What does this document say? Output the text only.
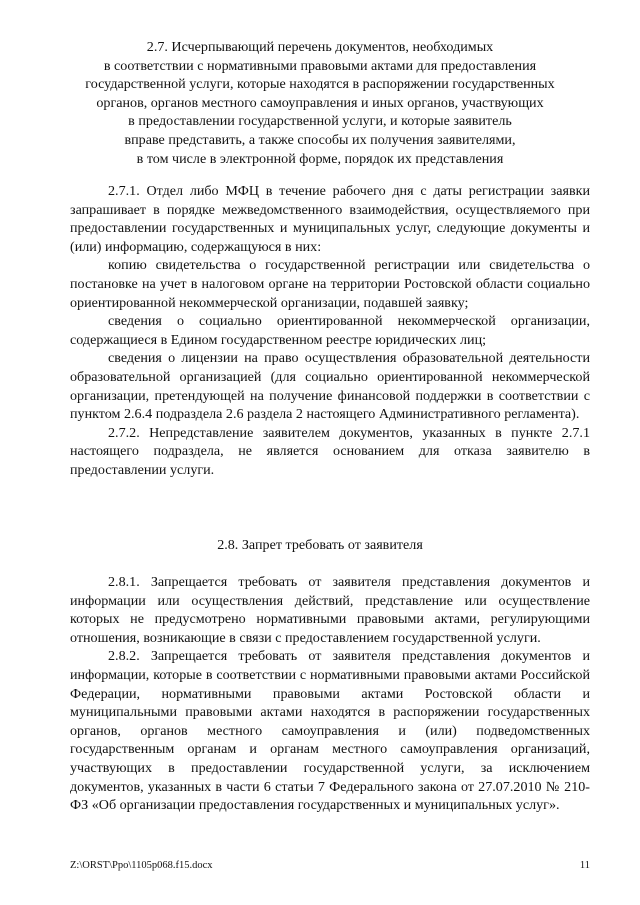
2.7. Исчерпывающий перечень документов, необходимых
в соответствии с нормативными правовыми актами для предоставления
государственной услуги, которые находятся в распоряжении государственных
органов, органов местного самоуправления и иных органов, участвующих
в предоставлении государственной услуги, и которые заявитель
вправе представить, а также способы их получения заявителями,
в том числе в электронной форме, порядок их представления

2.7.1. Отдел либо МФЦ в течение рабочего дня с даты регистрации заявки запрашивает в порядке межведомственного взаимодействия, осуществляемого при предоставлении государственных и муниципальных услуг, следующие документы и (или) информацию, содержащуюся в них:

копию свидетельства о государственной регистрации или свидетельства о постановке на учет в налоговом органе на территории Ростовской области социально ориентированной некоммерческой организации, подавшей заявку;

сведения о социально ориентированной некоммерческой организации, содержащиеся в Едином государственном реестре юридических лиц;

сведения о лицензии на право осуществления образовательной деятельности образовательной организацией (для социально ориентированной некоммерческой организации, претендующей на получение финансовой поддержки в соответствии с пунктом 2.6.4 подраздела 2.6 раздела 2 настоящего Административного регламента).

2.7.2. Непредставление заявителем документов, указанных в пункте 2.7.1 настоящего подраздела, не является основанием для отказа заявителю в предоставлении услуги.

2.8. Запрет требовать от заявителя

2.8.1. Запрещается требовать от заявителя представления документов и информации или осуществления действий, представление или осуществление которых не предусмотрено нормативными правовыми актами, регулирующими отношения, возникающие в связи с предоставлением государственной услуги.

2.8.2. Запрещается требовать от заявителя представления документов и информации, которые в соответствии с нормативными правовыми актами Российской Федерации, нормативными правовыми актами Ростовской области и муниципальными правовыми актами находятся в распоряжении государственных органов, органов местного самоуправления и (или) подведомственных государственным органам и органам местного самоуправления организаций, участвующих в предоставлении государственной услуги, за исключением документов, указанных в части 6 статьи 7 Федерального закона от 27.07.2010 № 210-ФЗ «Об организации предоставления государственных и муниципальных услуг».

Z:\ORST\Ppo\1105p068.f15.docx	11
